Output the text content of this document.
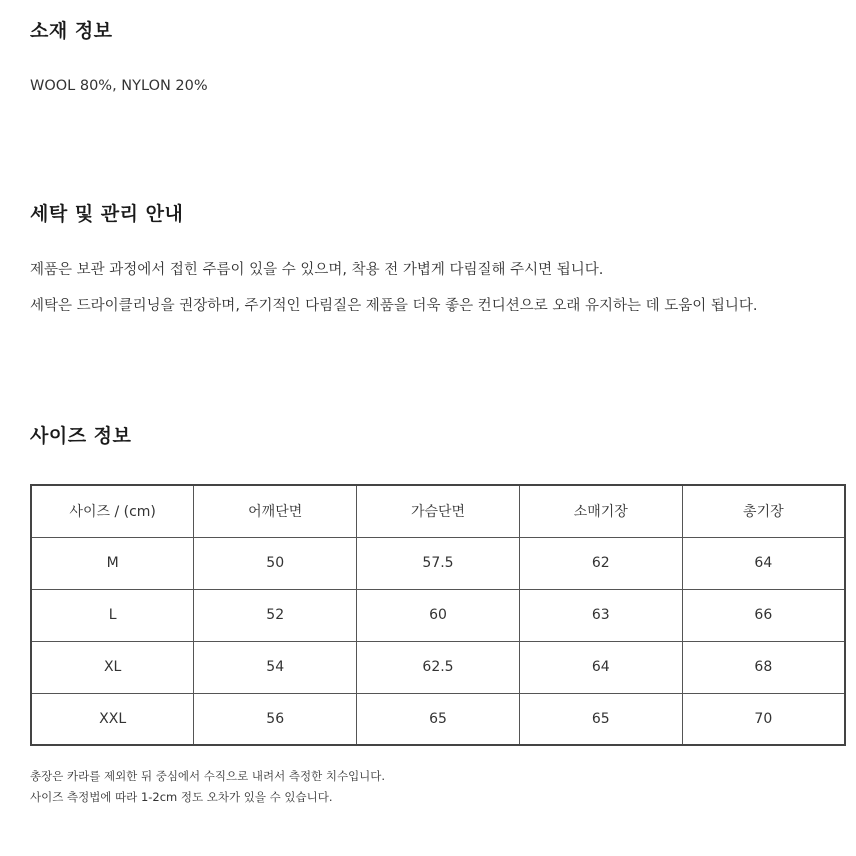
소재 정보
WOOL 80%, NYLON 20%
세탁 및 관리 안내
제품은 보관 과정에서 접힌 주름이 있을 수 있으며, 착용 전 가볍게 다림질해 주시면 됩니다.
세탁은 드라이클리닝을 권장하며, 주기적인 다림질은 제품을 더욱 좋은 컨디션으로 오래 유지하는 데 도움이 됩니다.
사이즈 정보
사이즈 / (cm)	어깨단면	가슴단면	소매기장	총기장
M	50	57.5	62	64
L	52	60	63	66
XL	54	62.5	64	68
XXL	56	65	65	70
총장은 카라를 제외한 뒤 중심에서 수직으로 내려서 측정한 치수입니다.
사이즈 측정법에 따라 1-2cm 정도 오차가 있을 수 있습니다.
